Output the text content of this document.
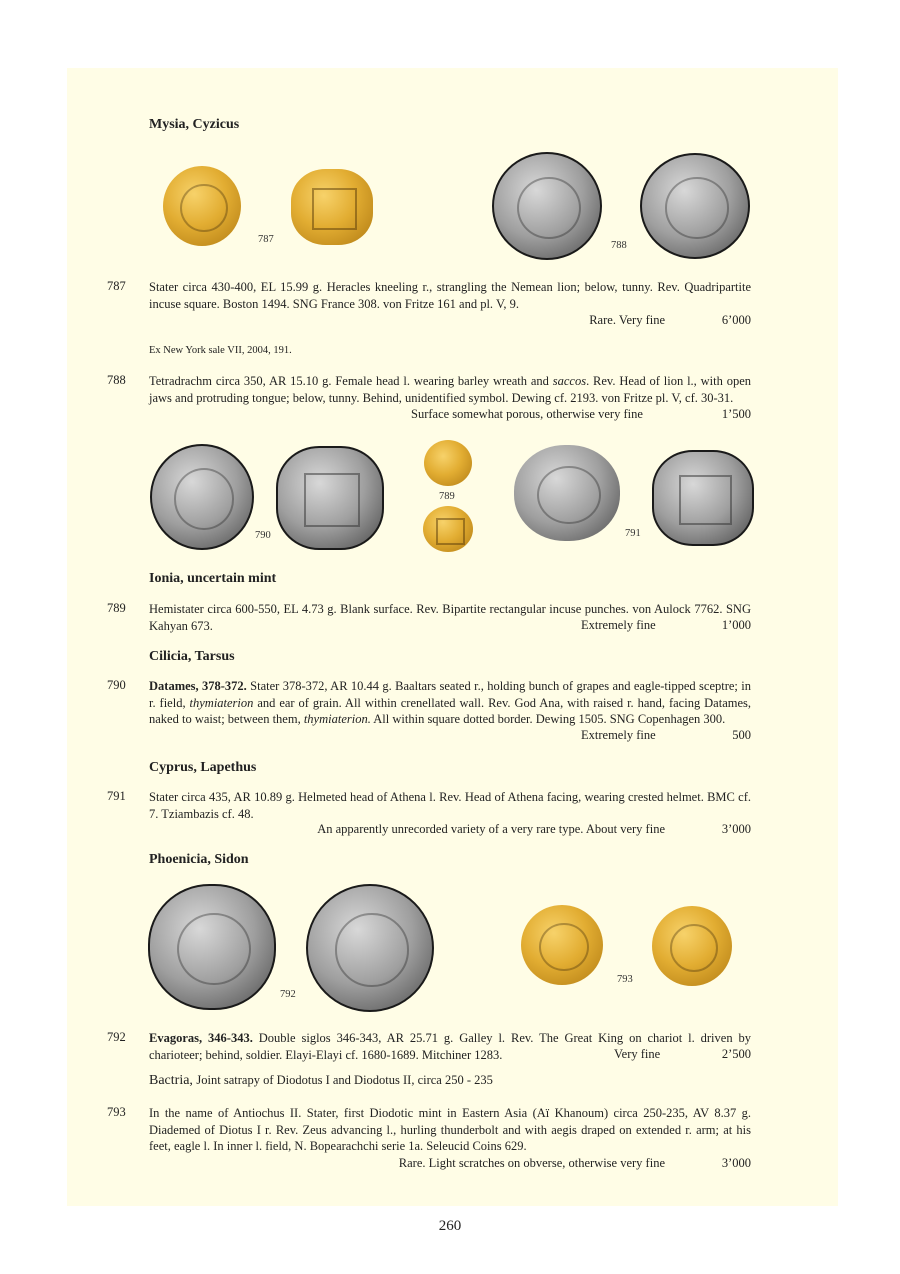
Mysia, Cyzicus
787
788
787 Stater circa 430-400, EL 15.99 g. Heracles kneeling r., strangling the Nemean lion; below, tunny. Rev. Quadripartite incuse square. Boston 1494. SNG France 308. von Fritze 161 and pl. V, 9.
Rare. Very fine	6’000
Ex New York sale VII, 2004, 191.
788 Tetradrachm circa 350, AR 15.10 g. Female head l. wearing barley wreath and saccos. Rev. Head of lion l., with open jaws and protruding tongue; below, tunny. Behind, unidentified symbol. Dewing cf. 2193. von Fritze pl. V, cf. 30-31.
Surface somewhat porous, otherwise very fine	1’500
790
789
791
Ionia, uncertain mint
789 Hemistater circa 600-550, EL 4.73 g. Blank surface. Rev. Bipartite rectangular incuse punches. von Aulock 7762. SNG Kahyan 673.	Extremely fine	1’000
Cilicia, Tarsus
790 Datames, 378-372. Stater 378-372, AR 10.44 g. Baaltars seated r., holding bunch of grapes and eagle-tipped sceptre; in r. field, thymiaterion and ear of grain. All within crenellated wall. Rev. God Ana, with raised r. hand, facing Datames, naked to waist; between them, thymiaterion. All within square dotted border. Dewing 1505. SNG Copenhagen 300.
Extremely fine	500
Cyprus, Lapethus
791 Stater circa 435, AR 10.89 g. Helmeted head of Athena l. Rev. Head of Athena facing, wearing crested helmet. BMC cf. 7. Tziambazis cf. 48.
An apparently unrecorded variety of a very rare type. About very fine	3’000
Phoenicia, Sidon
792
793
792 Evagoras, 346-343. Double siglos 346-343, AR 25.71 g. Galley l. Rev. The Great King on chariot l. driven by charioteer; behind, soldier. Elayi-Elayi cf. 1680-1689. Mitchiner 1283.	Very fine	2’500
Bactria, Joint satrapy of Diodotus I and Diodotus II, circa 250 - 235
793 In the name of Antiochus II. Stater, first Diodotic mint in Eastern Asia (Aï Khanoum) circa 250-235, AV 8.37 g. Diademed of Diotus I r. Rev. Zeus advancing l., hurling thunderbolt and with aegis draped on extended r. arm; at his feet, eagle l. In inner l. field, N. Bopearachchi serie 1a. Seleucid Coins 629.
Rare. Light scratches on obverse, otherwise very fine	3’000
260
